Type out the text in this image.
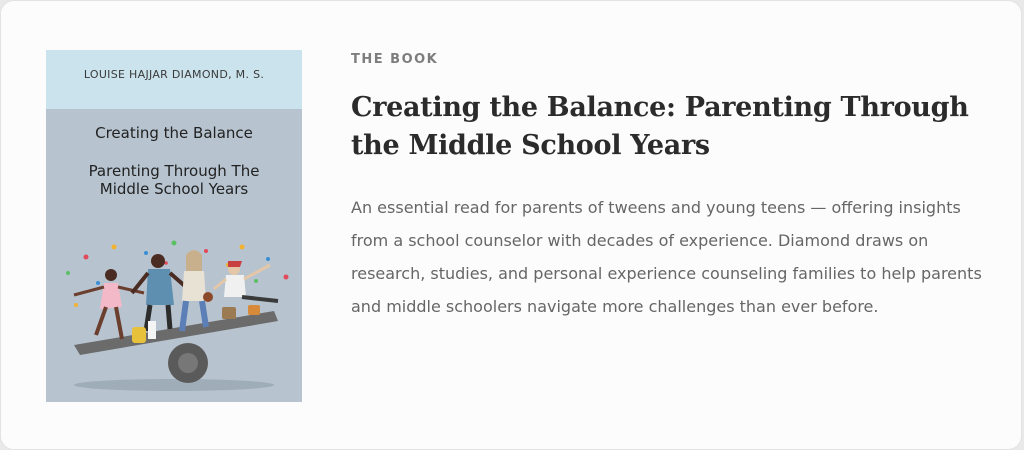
LOUISE HAJJAR DIAMOND, M. S.
Creating the Balance
Parenting Through The Middle School Years
THE BOOK
Creating the Balance: Parenting Through the Middle School Years

An essential read for parents of tweens and young teens — offering insights from a school counselor with decades of experience. Diamond draws on research, studies, and personal experience counseling families to help parents and middle schoolers navigate more challenges than ever before.
